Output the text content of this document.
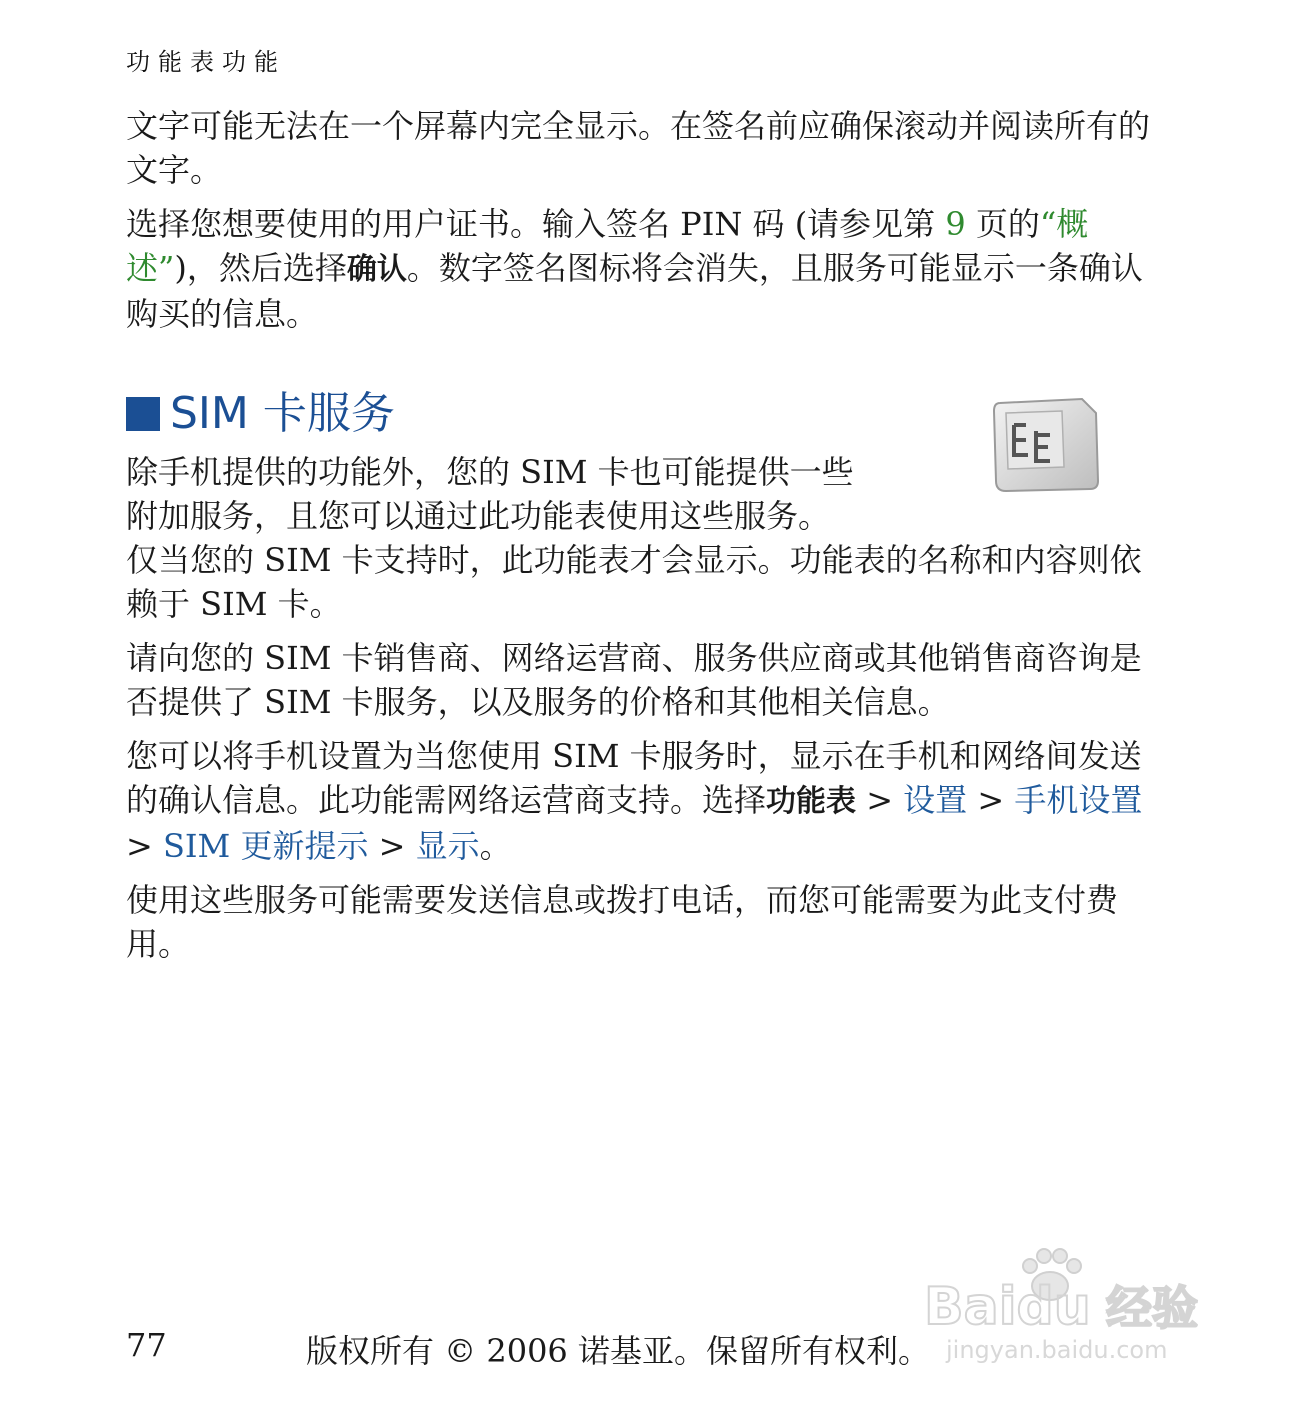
功能表功能

文字可能无法在一个屏幕内完全显示。在签名前应确保滚动并阅读所有的文字。

选择您想要使用的用户证书。输入签名 PIN 码 (请参见第 9 页的“概述”)，然后选择确认。数字签名图标将会消失，且服务可能显示一条确认购买的信息。

SIM 卡服务

除手机提供的功能外，您的 SIM 卡也可能提供一些
附加服务，且您可以通过此功能表使用这些服务。

仅当您的 SIM 卡支持时，此功能表才会显示。功能表的名称和内容则依赖于 SIM 卡。

请向您的 SIM 卡销售商、网络运营商、服务供应商或其他销售商咨询是否提供了 SIM 卡服务，以及服务的价格和其他相关信息。

您可以将手机设置为当您使用 SIM 卡服务时，显示在手机和网络间发送的确认信息。此功能需网络运营商支持。选择功能表 > 设置 > 手机设置 > SIM 更新提示 > 显示。

使用这些服务可能需要发送信息或拨打电话，而您可能需要为此支付费用。

Baidu 经验
jingyan.baidu.com
77	版权所有 © 2006 诺基亚。保留所有权利。
